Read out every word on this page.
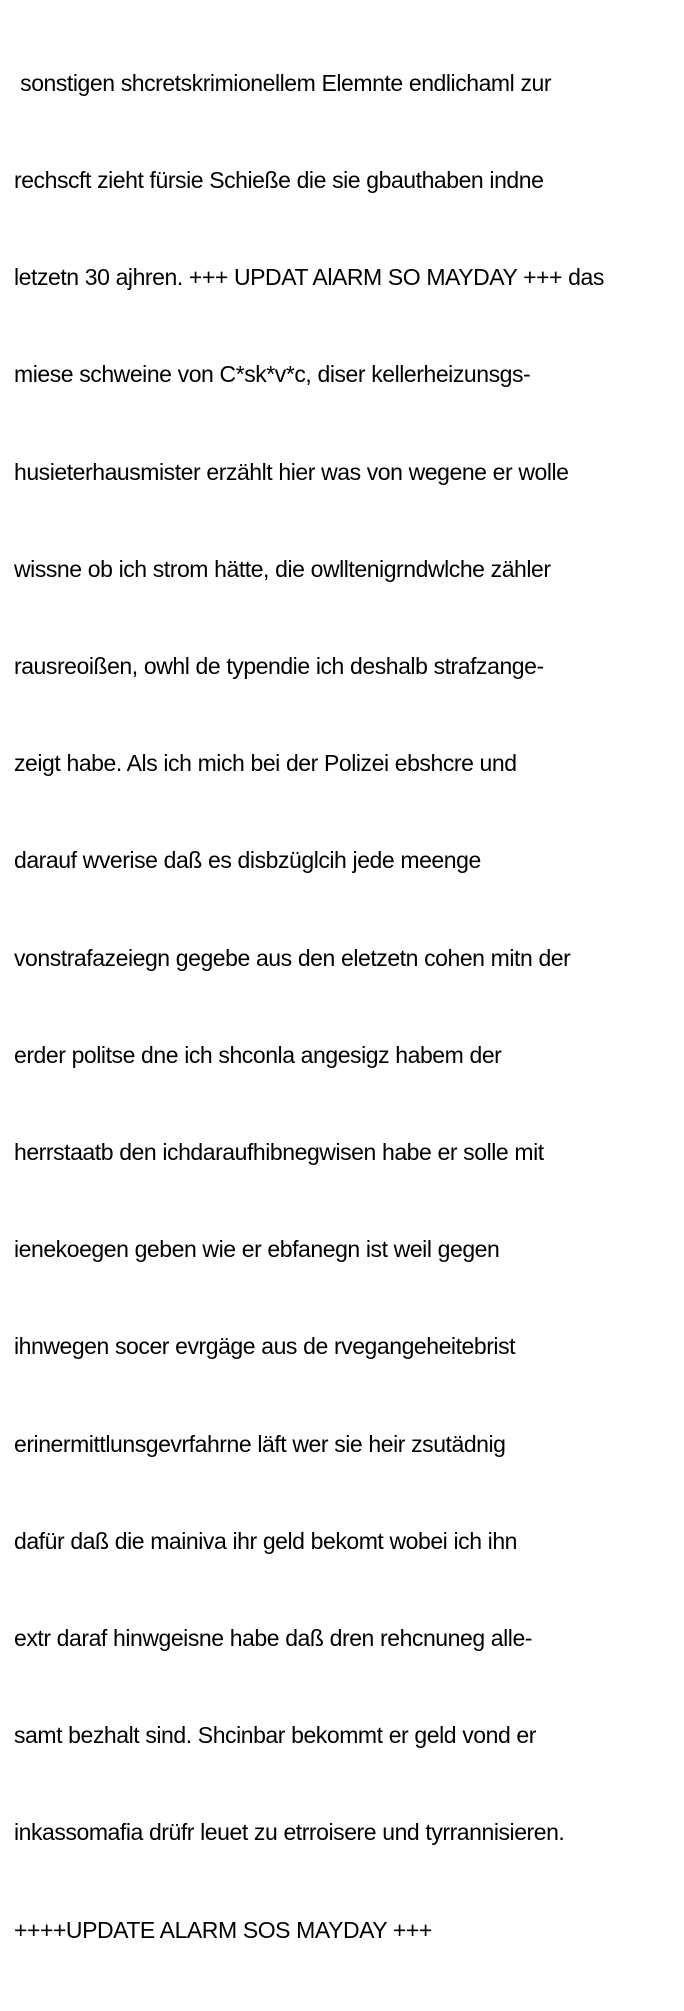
sonstigen shcretskrimionellem Elemnte endlichaml zur

rechscft zieht fürsie Schieße die sie gbauthaben indne

letzetn 30 ajhren. +++ UPDAT AlARM SO MAYDAY +++ das

miese schweine von C*sk*v*c, diser kellerheizunsgs-

husieterhausmister erzählt hier was von wegene er wolle

wissne ob ich strom hätte, die owlltenigrndwlche zähler

rausreoißen, owhl de typendie ich deshalb strafzange-

zeigt habe. Als ich mich bei der Polizei ebshcre und

darauf wverise daß es disbzüglcih jede meenge

vonstrafazeiegn gegebe aus den eletzetn cohen mitn der

erder politse dne ich shconla angesigz habem der

herrstaatb den ichdaraufhibnegwisen habe er solle mit

ienekoegen geben wie er ebfanegn ist weil gegen

ihnwegen socer evrgäge aus de rvegangeheitebrist

erinermittlunsgevrfahrne läft wer sie heir zsutädnig

dafür daß die mainiva ihr geld bekomt wobei ich ihn

extr daraf hinwgeisne habe daß dren rehcnuneg alle-

samt bezhalt sind. Shcinbar bekommt er geld vond er

inkassomafia drüfr leuet zu etrroisere und tyrrannisieren.

++++UPDATE ALARM SOS MAYDAY +++
